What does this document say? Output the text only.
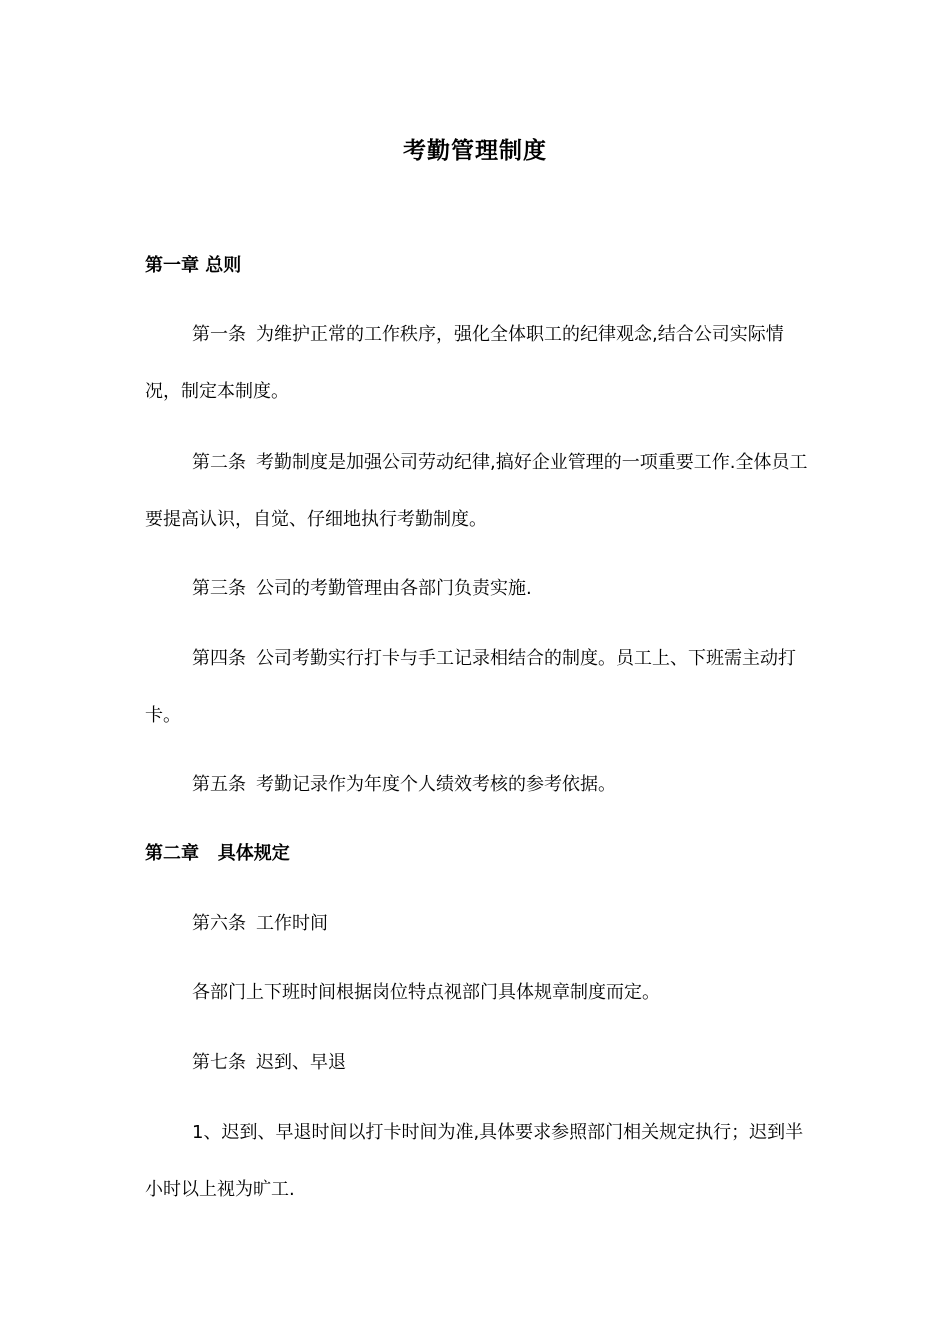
考勤管理制度
第一章 总则
第一条 为维护正常的工作秩序，强化全体职工的纪律观念,结合公司实际情况，制定本制度。
第二条 考勤制度是加强公司劳动纪律,搞好企业管理的一项重要工作.全体员工要提高认识，自觉、仔细地执行考勤制度。
第三条 公司的考勤管理由各部门负责实施.
第四条 公司考勤实行打卡与手工记录相结合的制度。员工上、下班需主动打卡。
第五条 考勤记录作为年度个人绩效考核的参考依据。
第二章   具体规定
第六条 工作时间
各部门上下班时间根据岗位特点视部门具体规章制度而定。
第七条 迟到、早退
1、迟到、早退时间以打卡时间为准,具体要求参照部门相关规定执行；迟到半小时以上视为旷工.
